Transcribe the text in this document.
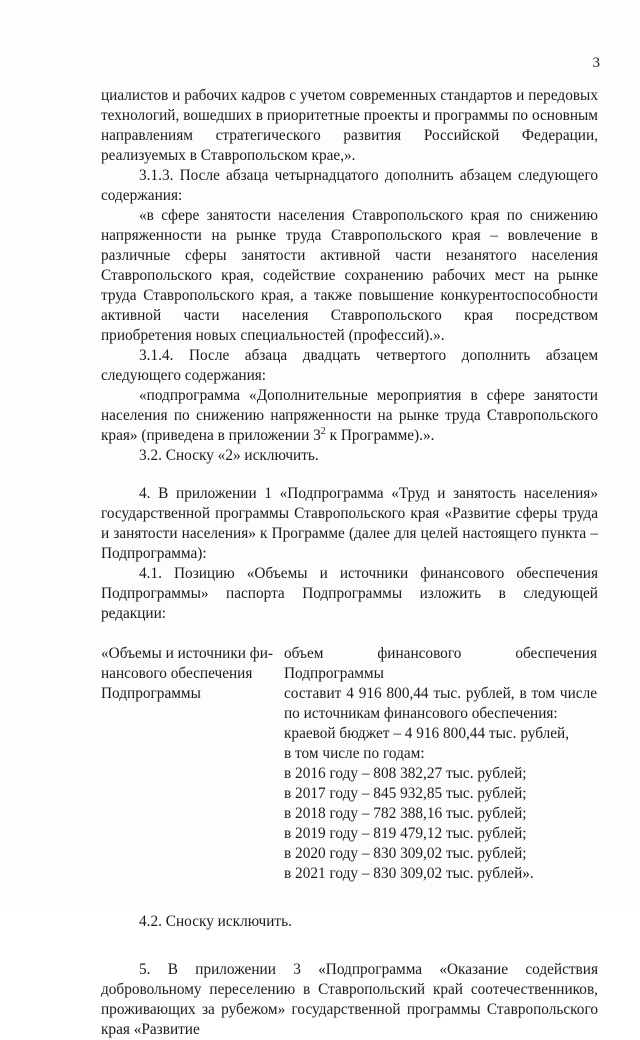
3

циалистов и рабочих кадров с учетом современных стандартов и передовых технологий, вошедших в приоритетные проекты и программы по основным направлениям стратегического развития Российской Федерации, реализуемых в Ставропольском крае,».

3.1.3. После абзаца четырнадцатого дополнить абзацем следующего содержания:

«в сфере занятости населения Ставропольского края по снижению напряженности на рынке труда Ставропольского края – вовлечение в различные сферы занятости активной части незанятого населения Ставропольского края, содействие сохранению рабочих мест на рынке труда Ставропольского края, а также повышение конкурентоспособности активной части населения Ставропольского края посредством приобретения новых специальностей (профессий).».

3.1.4. После абзаца двадцать четвертого дополнить абзацем следующего содержания:

«подпрограмма «Дополнительные мероприятия в сфере занятости населения по снижению напряженности на рынке труда Ставропольского края» (приведена в приложении $3^2$ к Программе).».

3.2. Сноску «2» исключить.

4. В приложении 1 «Подпрограмма «Труд и занятость населения» государственной программы Ставропольского края «Развитие сферы труда и занятости населения» к Программе (далее для целей настоящего пункта – Подпрограмма):

4.1. Позицию «Объемы и источники финансового обеспечения Подпрограммы» паспорта Подпрограммы изложить в следующей редакции:

«Объемы и источники фи-
нансового обеспечения
Подпрограммы
объем финансового обеспечения Подпрограммы
составит 4 916 800,44 тыс. рублей, в том числе
по источникам финансового обеспечения:
краевой бюджет – 4 916 800,44 тыс. рублей,
в том числе по годам:
в 2016 году – 808 382,27 тыс. рублей;
в 2017 году – 845 932,85 тыс. рублей;
в 2018 году – 782 388,16 тыс. рублей;
в 2019 году – 819 479,12 тыс. рублей;
в 2020 году – 830 309,02 тыс. рублей;
в 2021 году – 830 309,02 тыс. рублей».

4.2. Сноску исключить.

5. В приложении 3 «Подпрограмма «Оказание содействия добровольному переселению в Ставропольский край соотечественников, проживающих за рубежом» государственной программы Ставропольского края «Развитие
